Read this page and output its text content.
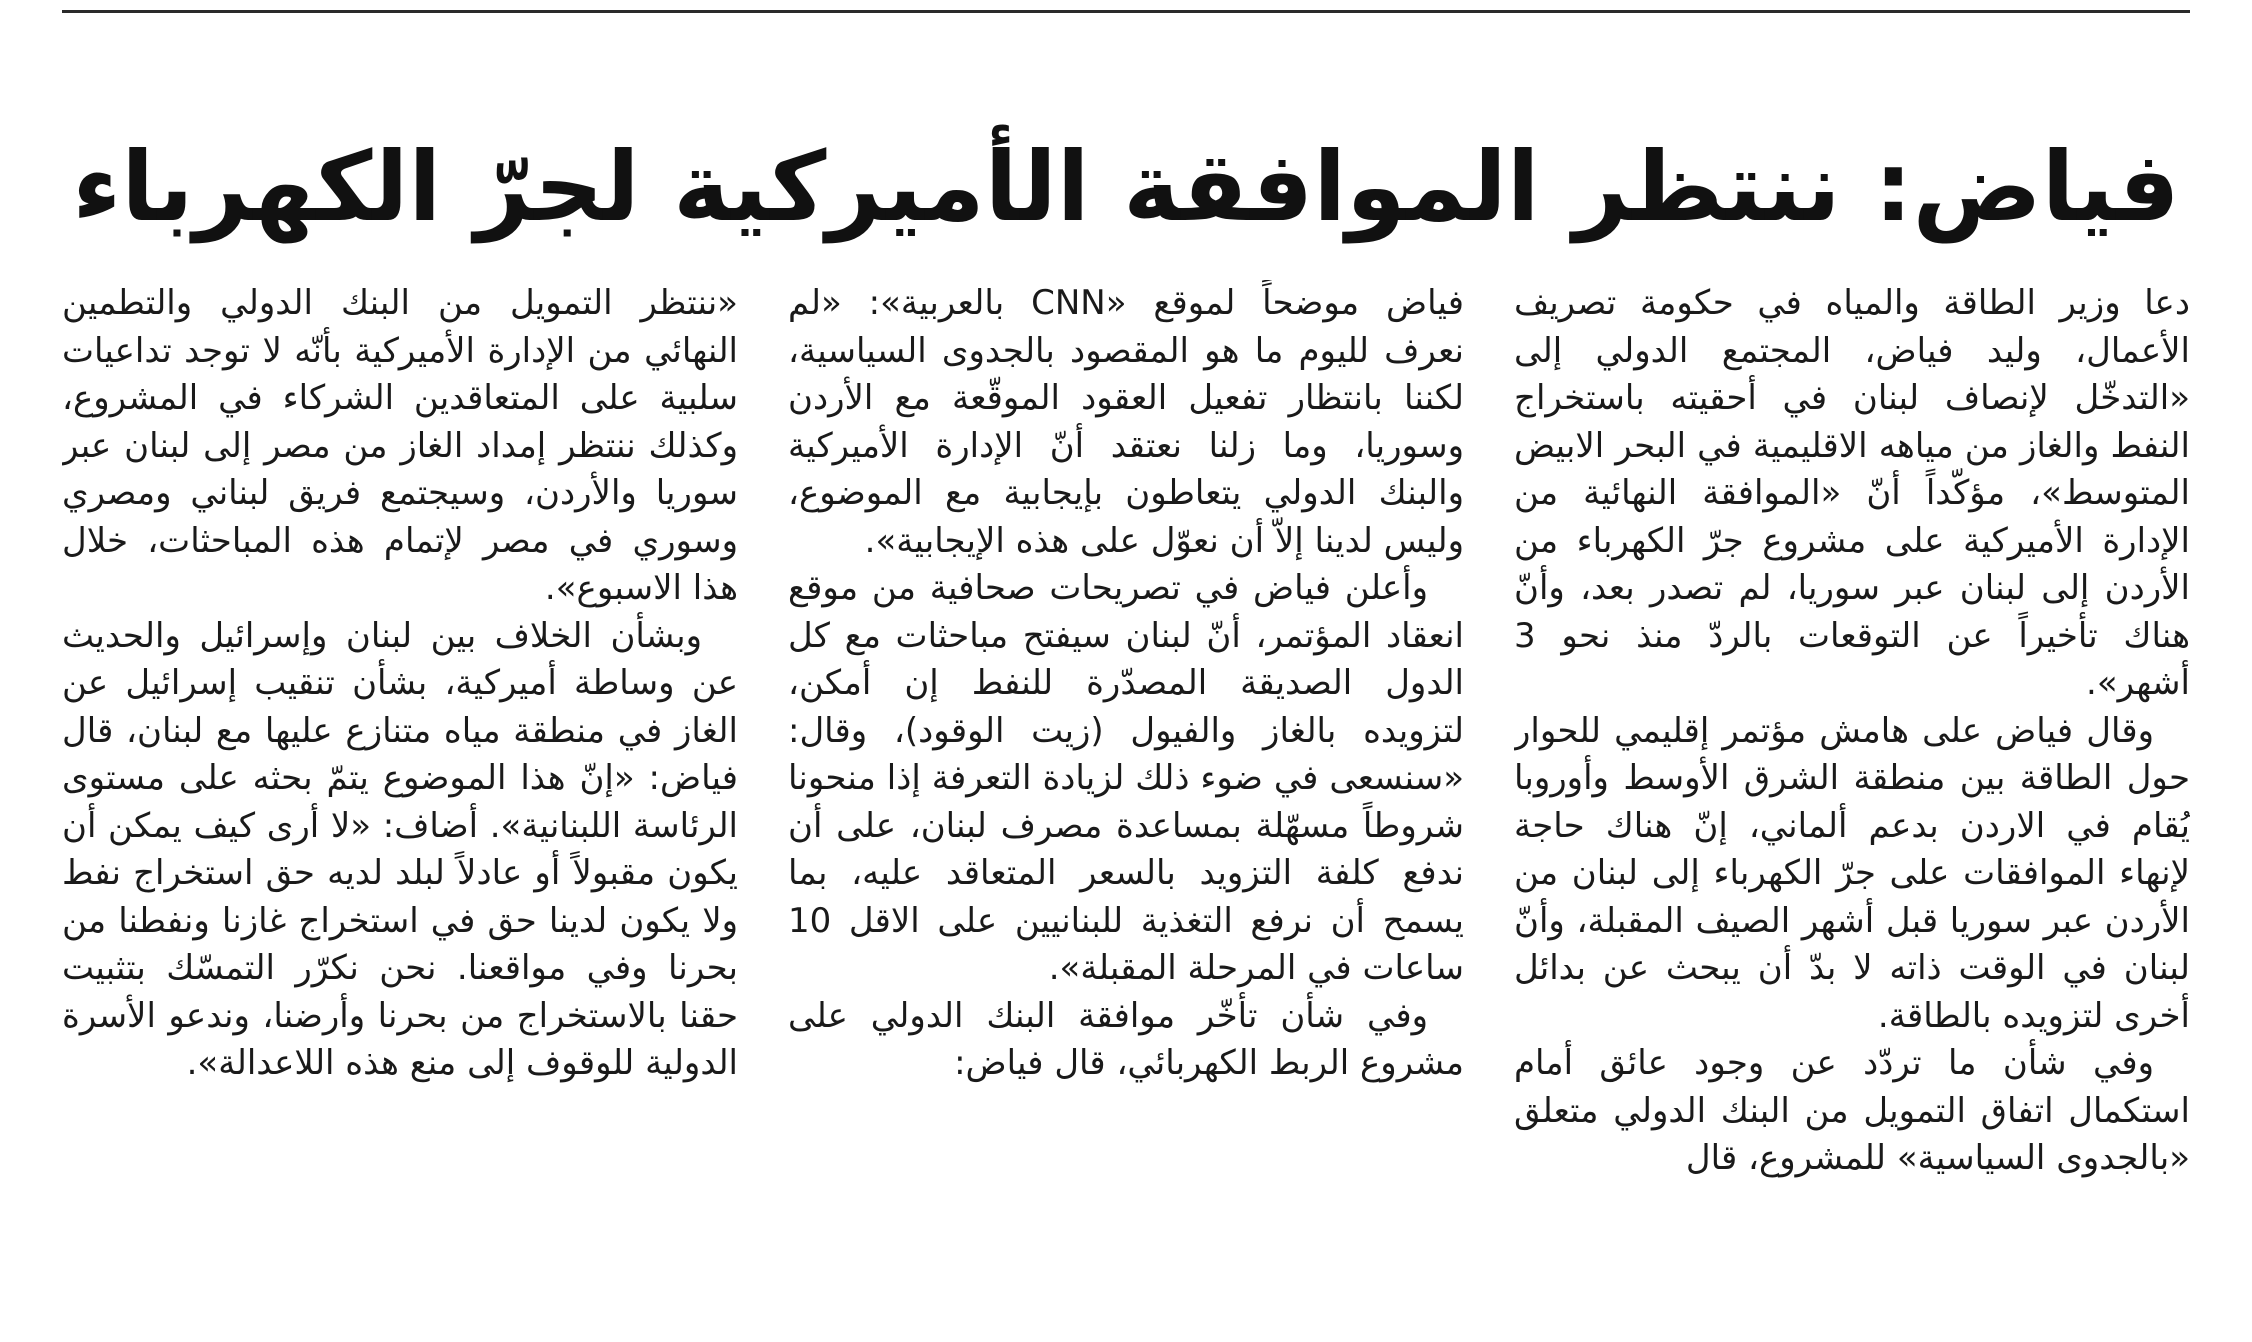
فياض: ننتظر الموافقة الأميركية لجرّ الكهرباء

دعا وزير الطاقة والمياه في حكومة تصريف الأعمال، وليد فياض، المجتمع الدولي إلى «التدخّل لإنصاف لبنان في أحقيته باستخراج النفط والغاز من مياهه الاقليمية في البحر الابيض المتوسط»، مؤكّداً أنّ «الموافقة النهائية من الإدارة الأميركية على مشروع جرّ الكهرباء من الأردن إلى لبنان عبر سوريا، لم تصدر بعد، وأنّ هناك تأخيراً عن التوقعات بالردّ منذ نحو 3 أشهر».

وقال فياض على هامش مؤتمر إقليمي للحوار حول الطاقة بين منطقة الشرق الأوسط وأوروبا يُقام في الاردن بدعم ألماني، إنّ هناك حاجة لإنهاء الموافقات على جرّ الكهرباء إلى لبنان من الأردن عبر سوريا قبل أشهر الصيف المقبلة، وأنّ لبنان في الوقت ذاته لا بدّ أن يبحث عن بدائل أخرى لتزويده بالطاقة.

وفي شأن ما تردّد عن وجود عائق أمام استكمال اتفاق التمويل من البنك الدولي متعلق «بالجدوى السياسية» للمشروع، قال

فياض موضحاً لموقع «CNN بالعربية»: «لم نعرف لليوم ما هو المقصود بالجدوى السياسية، لكننا بانتظار تفعيل العقود الموقّعة مع الأردن وسوريا، وما زلنا نعتقد أنّ الإدارة الأميركية والبنك الدولي يتعاطون بإيجابية مع الموضوع، وليس لدينا إلاّ أن نعوّل على هذه الإيجابية».

وأعلن فياض في تصريحات صحافية من موقع انعقاد المؤتمر، أنّ لبنان سيفتح مباحثات مع كل الدول الصديقة المصدّرة للنفط إن أمكن، لتزويده بالغاز والفيول (زيت الوقود)، وقال: «سنسعى في ضوء ذلك لزيادة التعرفة إذا منحونا شروطاً مسهّلة بمساعدة مصرف لبنان، على أن ندفع كلفة التزويد بالسعر المتعاقد عليه، بما يسمح أن نرفع التغذية للبنانيين على الاقل 10 ساعات في المرحلة المقبلة».

وفي شأن تأخّر موافقة البنك الدولي على مشروع الربط الكهربائي، قال فياض:

«ننتظر التمويل من البنك الدولي والتطمين النهائي من الإدارة الأميركية بأنّه لا توجد تداعيات سلبية على المتعاقدين الشركاء في المشروع، وكذلك ننتظر إمداد الغاز من مصر إلى لبنان عبر سوريا والأردن، وسيجتمع فريق لبناني ومصري وسوري في مصر لإتمام هذه المباحثات، خلال هذا الاسبوع».

وبشأن الخلاف بين لبنان وإسرائيل والحديث عن وساطة أميركية، بشأن تنقيب إسرائيل عن الغاز في منطقة مياه متنازع عليها مع لبنان، قال فياض: «إنّ هذا الموضوع يتمّ بحثه على مستوى الرئاسة اللبنانية». أضاف: «لا أرى كيف يمكن أن يكون مقبولاً أو عادلاً لبلد لديه حق استخراج نفط ولا يكون لدينا حق في استخراج غازنا ونفطنا من بحرنا وفي مواقعنا. نحن نكرّر التمسّك بتثبيت حقنا بالاستخراج من بحرنا وأرضنا، وندعو الأسرة الدولية للوقوف إلى منع هذه اللاعدالة».
